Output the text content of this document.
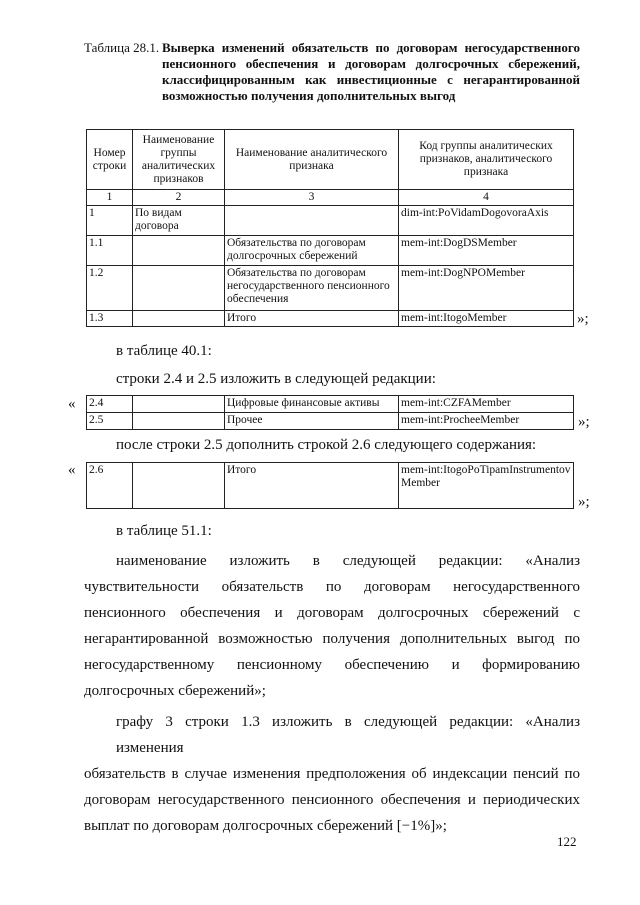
Таблица 28.1. Выверка изменений обязательств по договорам негосударственного
пенсионного обеспечения и договорам долгосрочных сбережений,
классифицированным как инвестиционные с негарантированной
возможностью получения дополнительных выгод
Номер строки	Наименование группы аналитических признаков	Наименование аналитического признака	Код группы аналитических признаков, аналитического признака
1	2	3	4
1	По видам договора		dim-int:PoVidamDogovoraAxis
1.1		Обязательства по договорам долгосрочных сбережений	mem-int:DogDSMember
1.2		Обязательства по договорам негосударственного пенсионного обеспечения	mem-int:DogNPOMember
1.3		Итого	mem-int:ItogoMember	»;
в таблице 40.1:
строки 2.4 и 2.5 изложить в следующей редакции:
« 2.4		Цифровые финансовые активы	mem-int:CZFAMember
2.5		Прочее	mem-int:ProcheeMember	»;
после строки 2.5 дополнить строкой 2.6 следующего содержания:
« 2.6		Итого	mem-int:ItogoPoTipamInstrumentovMember
»;
в таблице 51.1:
наименование изложить в следующей редакции: «Анализ
чувствительности обязательств по договорам негосударственного
пенсионного обеспечения и договорам долгосрочных сбережений с
негарантированной возможностью получения дополнительных выгод по
негосударственному пенсионному обеспечению и формированию
долгосрочных сбережений»;
графу 3 строки 1.3 изложить в следующей редакции: «Анализ изменения
обязательств в случае изменения предположения об индексации пенсий по
договорам негосударственного пенсионного обеспечения и периодических
выплат по договорам долгосрочных сбережений [−1%]»;
122
